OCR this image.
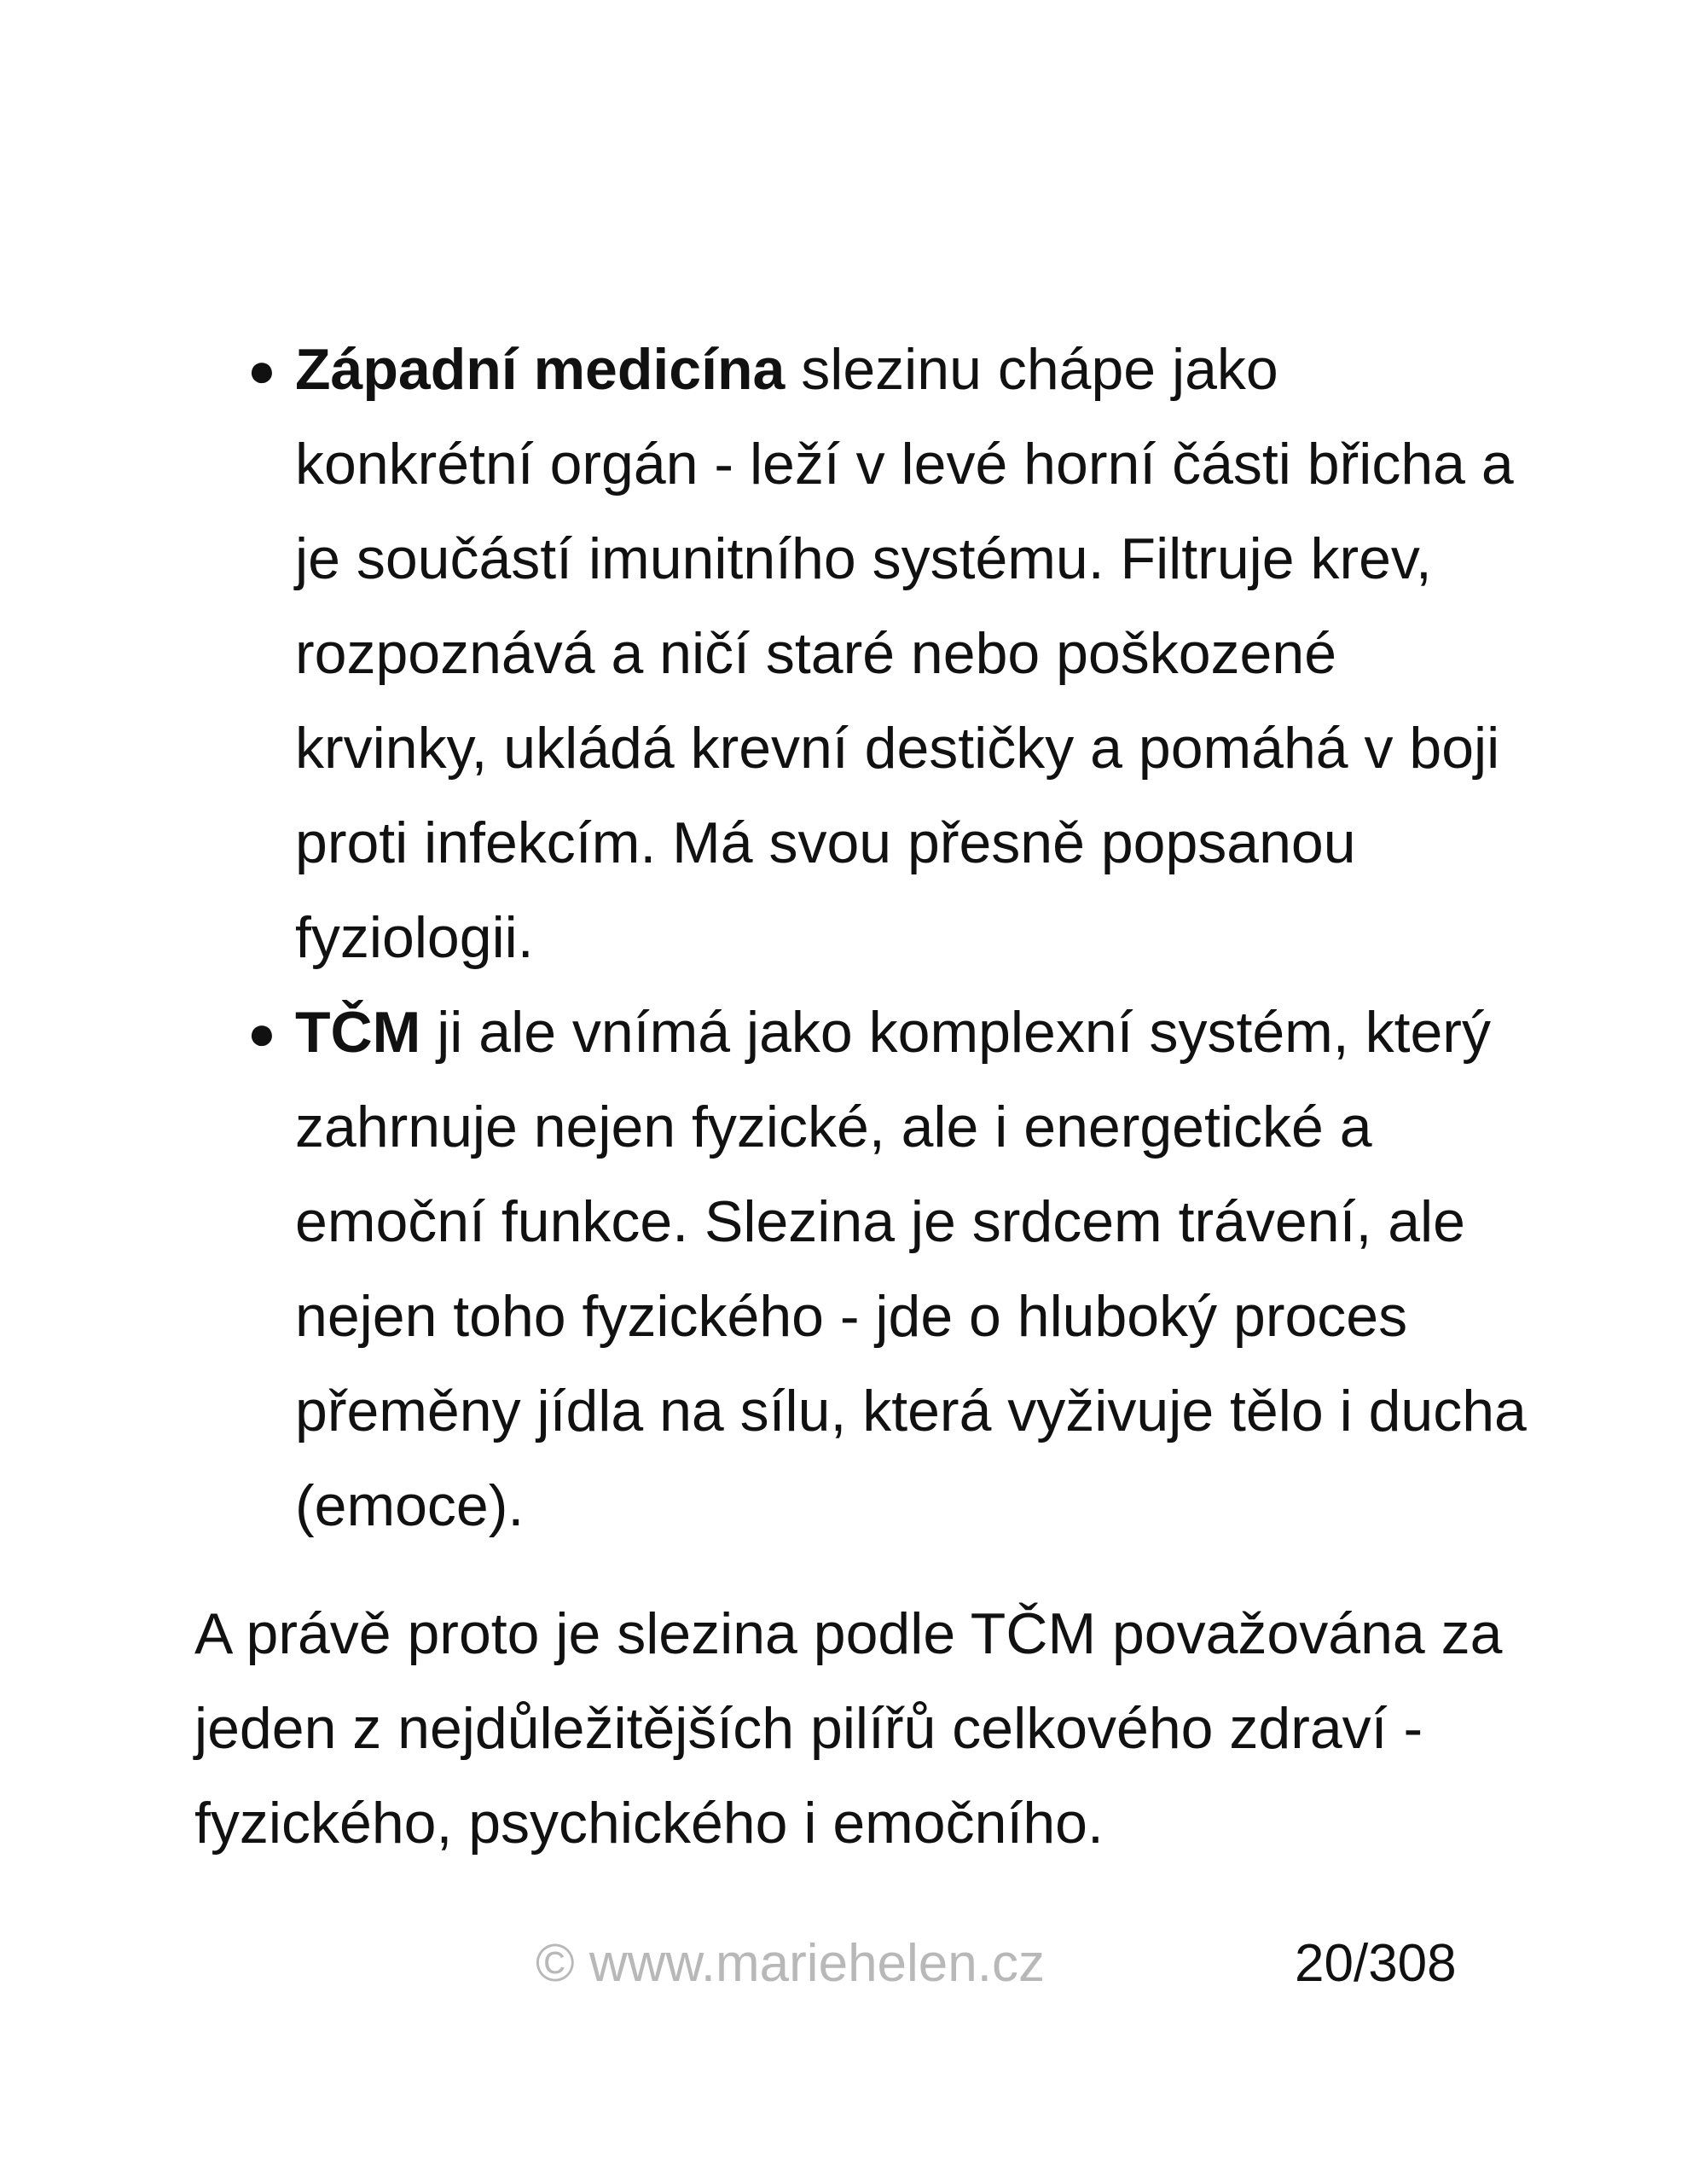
● Západní medicína slezinu chápe jako konkrétní orgán - leží v levé horní části břicha a je součástí imunitního systému. Filtruje krev, rozpoznává a ničí staré nebo poškozené krvinky, ukládá krevní destičky a pomáhá v boji proti infekcím. Má svou přesně popsanou fyziologii.
● TČM ji ale vnímá jako komplexní systém, který zahrnuje nejen fyzické, ale i energetické a emoční funkce. Slezina je srdcem trávení, ale nejen toho fyzického - jde o hluboký proces přeměny jídla na sílu, která vyživuje tělo i ducha (emoce).

A právě proto je slezina podle TČM považována za jeden z nejdůležitějších pilířů celkového zdraví - fyzického, psychického i emočního.

© www.mariehelen.cz	20/308
